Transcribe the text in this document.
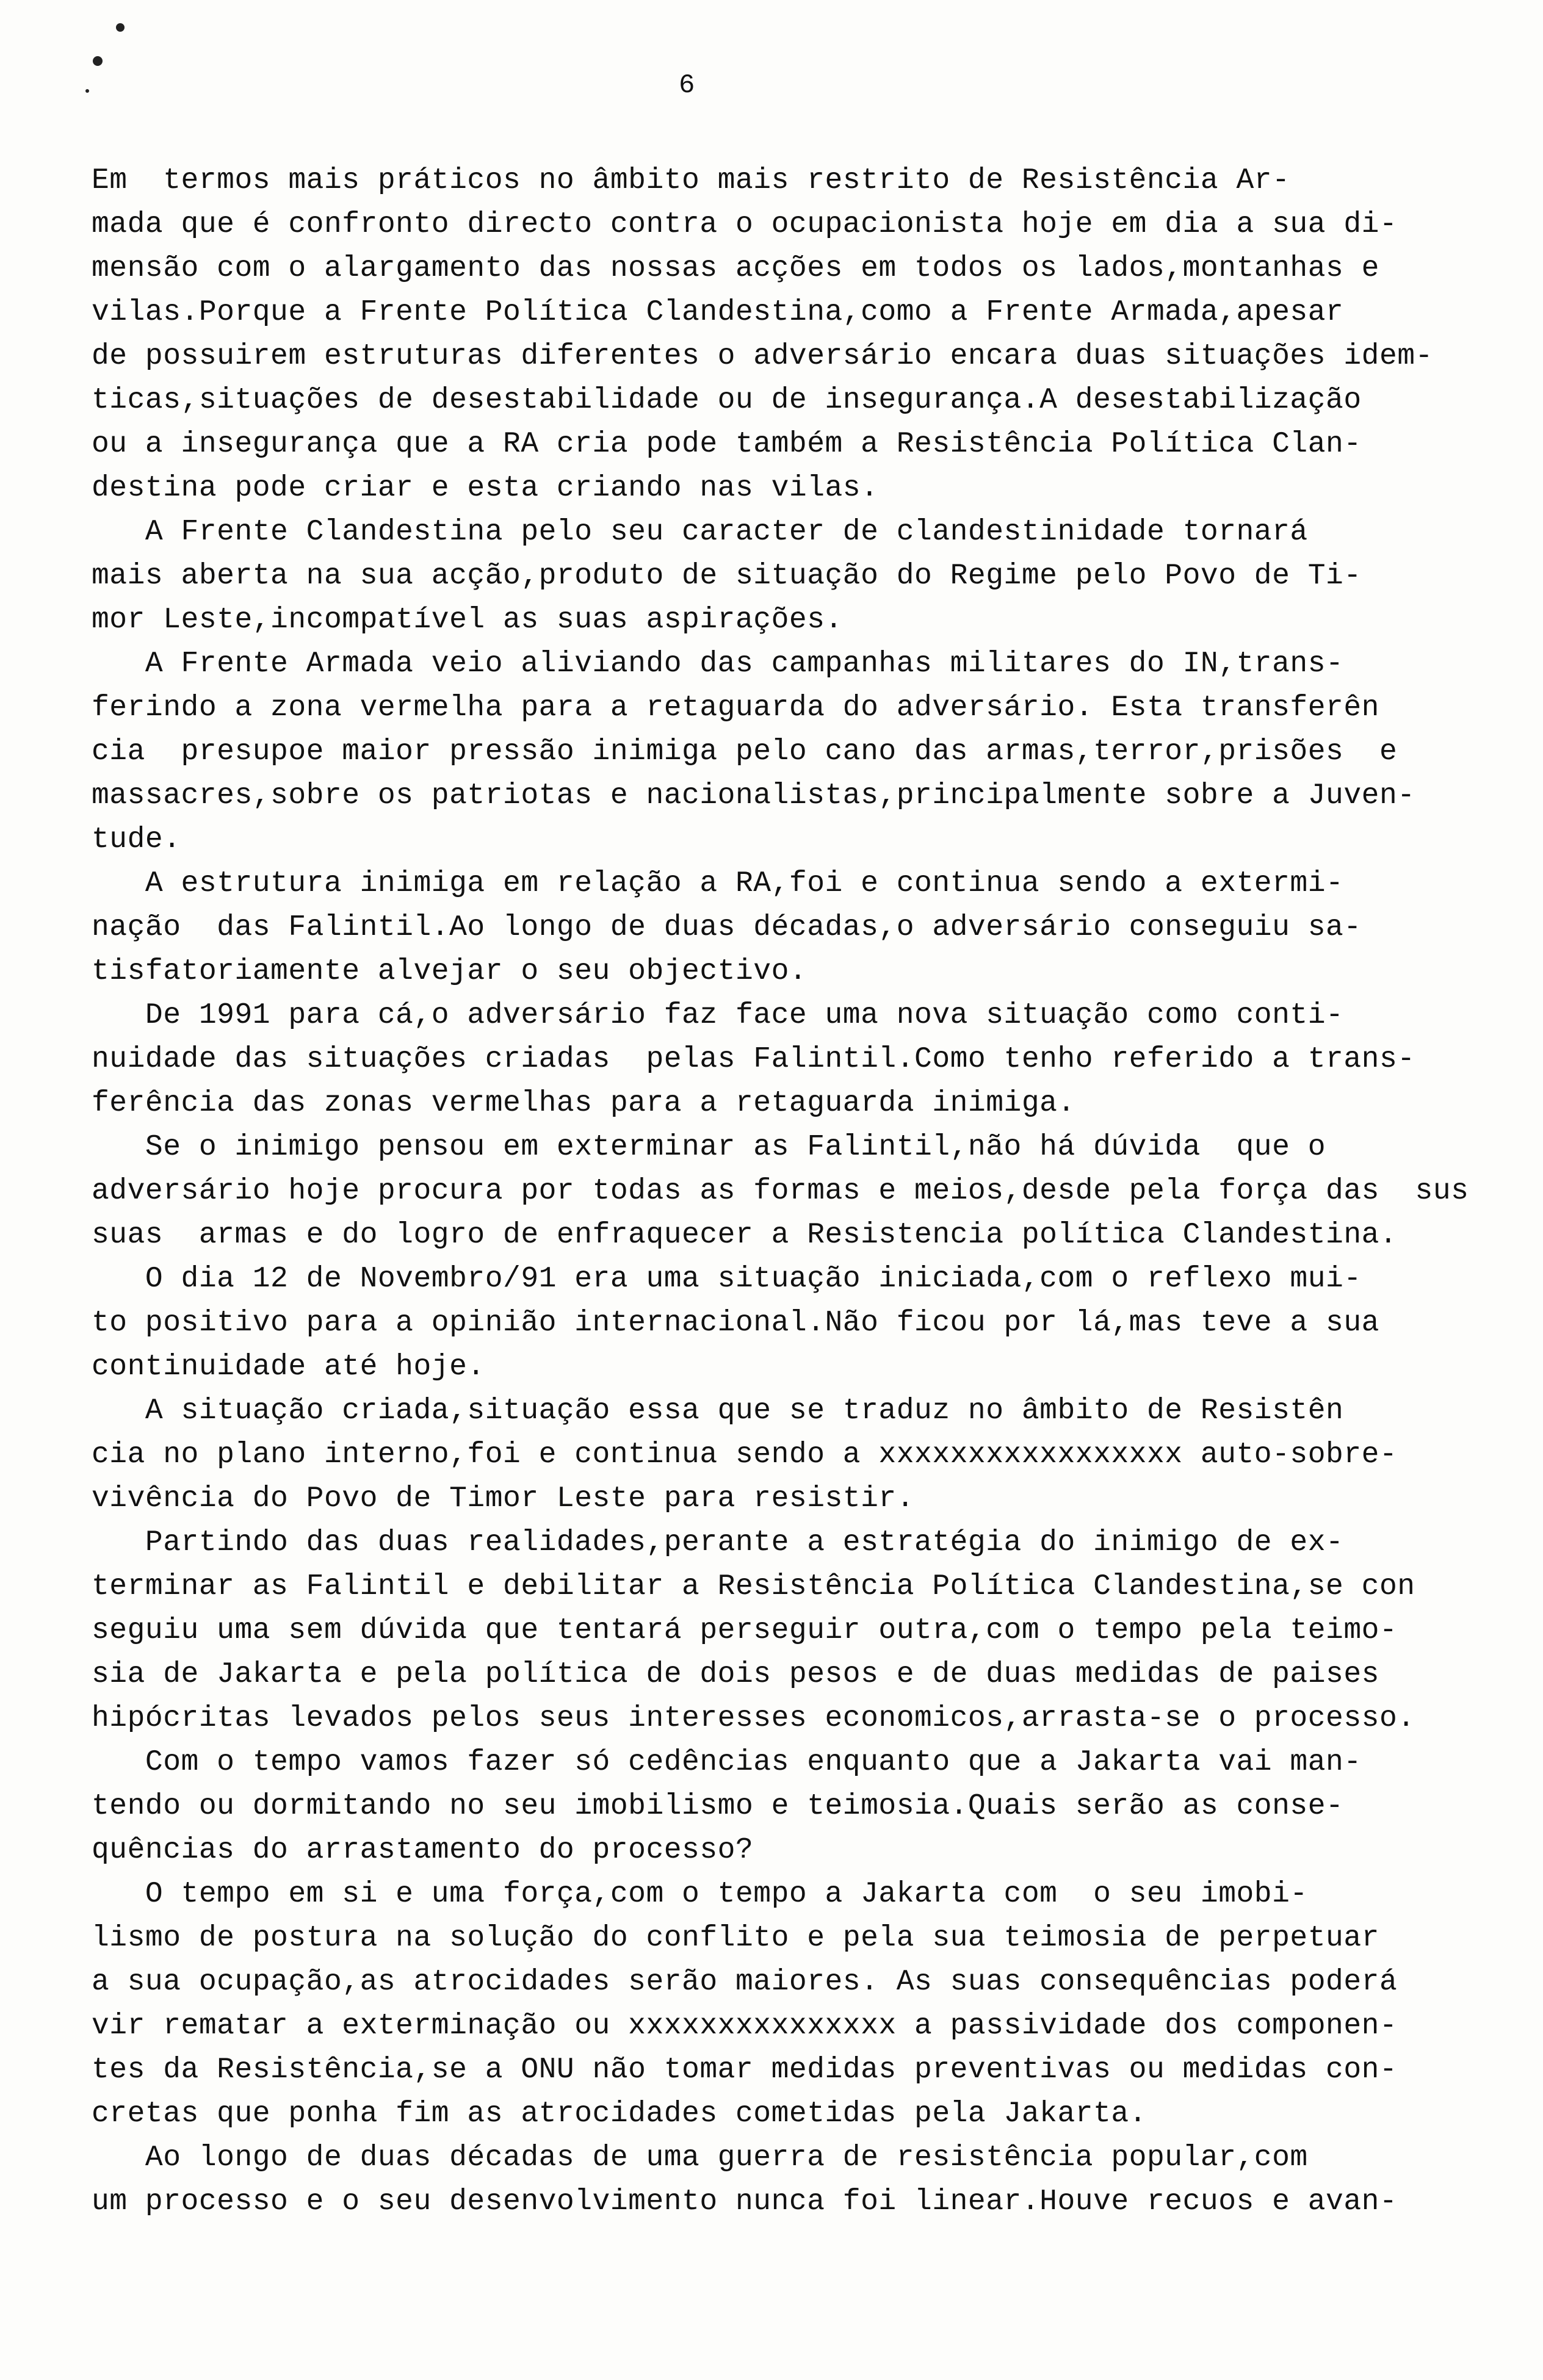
6
Em  termos mais práticos no âmbito mais restrito de Resistência Ar-
mada que é confronto directo contra o ocupacionista hoje em dia a sua di-
mensão com o alargamento das nossas acções em todos os lados,montanhas e
vilas.Porque a Frente Política Clandestina,como a Frente Armada,apesar
de possuirem estruturas diferentes o adversário encara duas situações idem-
ticas,situações de desestabilidade ou de insegurança.A desestabilização
ou a insegurança que a RA cria pode também a Resistência Política Clan-
destina pode criar e esta criando nas vilas.
A Frente Clandestina pelo seu caracter de clandestinidade tornará
mais aberta na sua acção,produto de situação do Regime pelo Povo de Ti-
mor Leste,incompatível as suas aspirações.
A Frente Armada veio aliviando das campanhas militares do IN,trans-
ferindo a zona vermelha para a retaguarda do adversário. Esta transferên
cia  presupoe maior pressão inimiga pelo cano das armas,terror,prisões  e
massacres,sobre os patriotas e nacionalistas,principalmente sobre a Juven-
tude.
A estrutura inimiga em relação a RA,foi e continua sendo a extermi-
nação  das Falintil.Ao longo de duas décadas,o adversário conseguiu sa-
tisfatoriamente alvejar o seu objectivo.
De 1991 para cá,o adversário faz face uma nova situação como conti-
nuidade das situações criadas  pelas Falintil.Como tenho referido a trans-
ferência das zonas vermelhas para a retaguarda inimiga.
Se o inimigo pensou em exterminar as Falintil,não há dúvida  que o
adversário hoje procura por todas as formas e meios,desde pela força das  sus
suas  armas e do logro de enfraquecer a Resistencia política Clandestina.
O dia 12 de Novembro/91 era uma situação iniciada,com o reflexo mui-
to positivo para a opinião internacional.Não ficou por lá,mas teve a sua
continuidade até hoje.
A situação criada,situação essa que se traduz no âmbito de Resistên
cia no plano interno,foi e continua sendo a xxxxxxxxxxxxxxxxx auto-sobre-
vivência do Povo de Timor Leste para resistir.
Partindo das duas realidades,perante a estratégia do inimigo de ex-
terminar as Falintil e debilitar a Resistência Política Clandestina,se con
seguiu uma sem dúvida que tentará perseguir outra,com o tempo pela teimo-
sia de Jakarta e pela política de dois pesos e de duas medidas de paises
hipócritas levados pelos seus interesses economicos,arrasta-se o processo.
Com o tempo vamos fazer só cedências enquanto que a Jakarta vai man-
tendo ou dormitando no seu imobilismo e teimosia.Quais serão as conse-
quências do arrastamento do processo?
O tempo em si e uma força,com o tempo a Jakarta com  o seu imobi-
lismo de postura na solução do conflito e pela sua teimosia de perpetuar
a sua ocupação,as atrocidades serão maiores. As suas consequências poderá
vir rematar a exterminação ou xxxxxxxxxxxxxxx a passividade dos componen-
tes da Resistência,se a ONU não tomar medidas preventivas ou medidas con-
cretas que ponha fim as atrocidades cometidas pela Jakarta.
Ao longo de duas décadas de uma guerra de resistência popular,com
um processo e o seu desenvolvimento nunca foi linear.Houve recuos e avan-
